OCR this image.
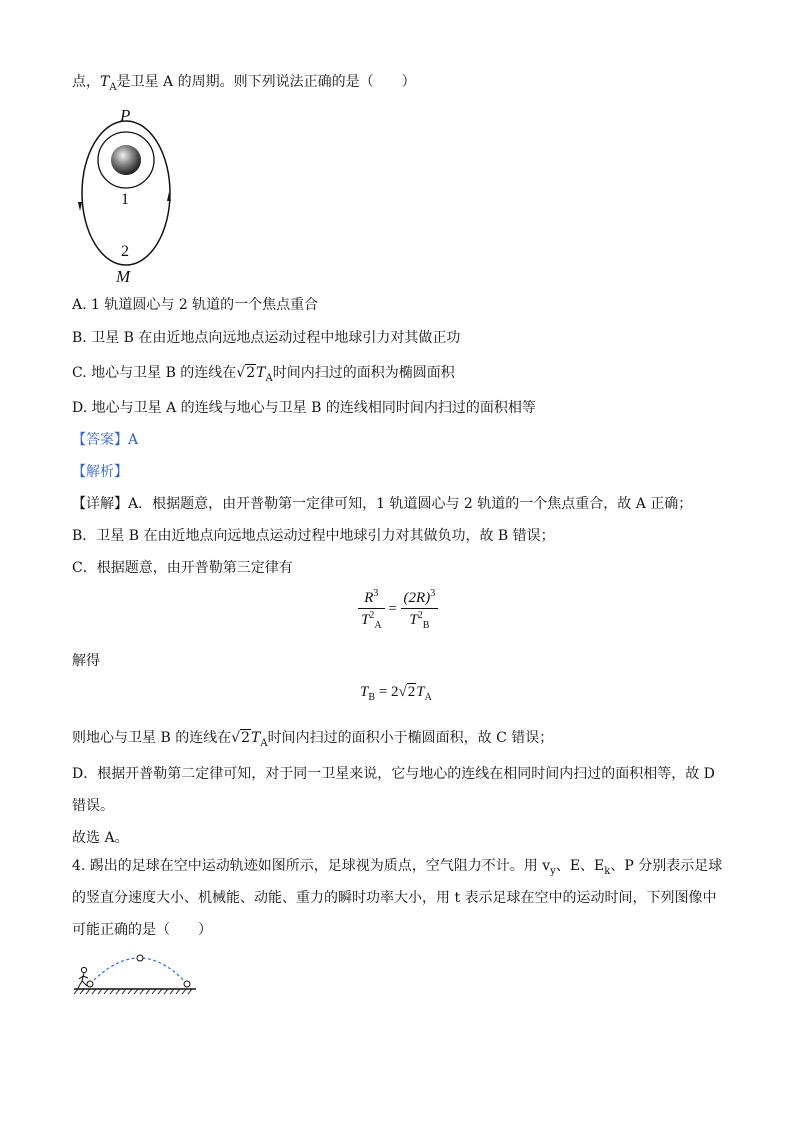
点，$T_A$是卫星 A 的周期。则下列说法正确的是（　　）
P
1
2
M
A. 1 轨道圆心与 2 轨道的一个焦点重合
B. 卫星 B 在由近地点向远地点运动过程中地球引力对其做正功
C. 地心与卫星 B 的连线在$√2T_A$时间内扫过的面积为椭圆面积
D. 地心与卫星 A 的连线与地心与卫星 B 的连线相同时间内扫过的面积相等
【答案】A
【解析】
【详解】A．根据题意，由开普勒第一定律可知，1 轨道圆心与 2 轨道的一个焦点重合，故 A 正确；
B．卫星 B 在由近地点向远地点运动过程中地球引力对其做负功，故 B 错误；
C．根据题意，由开普勒第三定律有
$\frac{R^3}{T^2_A} = \frac{(2R)^3}{T^2_B}$
解得
$T_B = 2√2T_A$
则地心与卫星 B 的连线在$√2T_A$时间内扫过的面积小于椭圆面积，故 C 错误；
D．根据开普勒第二定律可知，对于同一卫星来说，它与地心的连线在相同时间内扫过的面积相等，故 D
错误。
故选 A。
4. 踢出的足球在空中运动轨迹如图所示，足球视为质点，空气阻力不计。用 $v_y$、E、$E_k$、P 分别表示足球
的竖直分速度大小、机械能、动能、重力的瞬时功率大小，用 t 表示足球在空中的运动时间，下列图像中
可能正确的是（　　）
